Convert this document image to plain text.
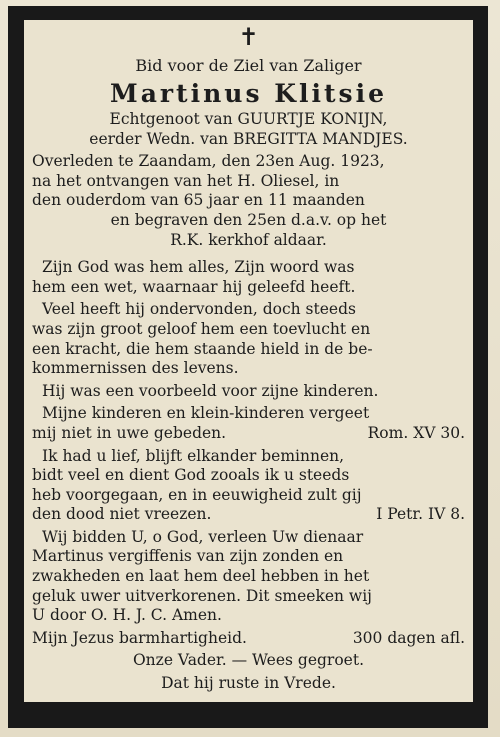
✝
Bid voor de Ziel van Zaliger
Martinus Klitsie
Echtgenoot van GUURTJE KONIJN,
eerder Wedn. van BREGITTA MANDJES.
Overleden te Zaandam, den 23en Aug. 1923,
na het ontvangen van het H. Oliesel, in
den ouderdom van 65 jaar en 11 maanden
en begraven den 25en d.a.v. op het
R.K. kerkhof aldaar.
Zijn God was hem alles, Zijn woord was
hem een wet, waarnaar hij geleefd heeft.
Veel heeft hij ondervonden, doch steeds
was zijn groot geloof hem een toevlucht en
een kracht, die hem staande hield in de be-
kommernissen des levens.
Hij was een voorbeeld voor zijne kinderen.
Mijne kinderen en klein-kinderen vergeet
mij niet in uwe gebeden.	Rom. XV 30.
Ik had u lief, blijft elkander beminnen,
bidt veel en dient God zooals ik u steeds
heb voorgegaan, en in eeuwigheid zult gij
den dood niet vreezen.	I Petr. IV 8.
Wij bidden U, o God, verleen Uw dienaar
Martinus vergiffenis van zijn zonden en
zwakheden en laat hem deel hebben in het
geluk uwer uitverkorenen. Dit smeeken wij
U door O. H. J. C. Amen.
Mijn Jezus barmhartigheid.	300 dagen afl.
Onze Vader. — Wees gegroet.
Dat hij ruste in Vrede.
